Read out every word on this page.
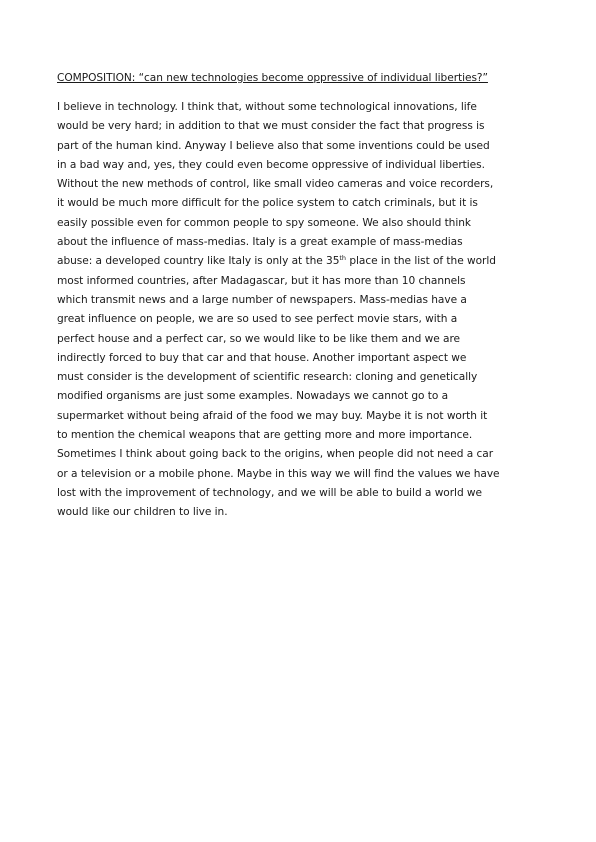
COMPOSITION: “can new technologies become oppressive of individual liberties?”
I believe in technology. I think that, without some technological innovations, life
would be very hard; in addition to that we must consider the fact that progress is
part of the human kind. Anyway I believe also that some inventions could be used
in a bad way and, yes, they could even become oppressive of individual liberties.
Without the new methods of control, like small video cameras and voice recorders,
it would be much more difficult for the police system to catch criminals, but it is
easily possible even for common people to spy someone. We also should think
about the influence of mass-medias. Italy is a great example of mass-medias
abuse: a developed country like Italy is only at the 35th place in the list of the world
most informed countries, after Madagascar, but it has more than 10 channels
which transmit news and a large number of newspapers. Mass-medias have a
great influence on people, we are so used to see perfect movie stars, with a
perfect house and a perfect car, so we would like to be like them and we are
indirectly forced to buy that car and that house. Another important aspect we
must consider is the development of scientific research: cloning and genetically
modified organisms are just some examples. Nowadays we cannot go to a
supermarket without being afraid of the food we may buy. Maybe it is not worth it
to mention the chemical weapons that are getting more and more importance.
Sometimes I think about going back to the origins, when people did not need a car
or a television or a mobile phone. Maybe in this way we will find the values we have
lost with the improvement of technology, and we will be able to build a world we
would like our children to live in.
